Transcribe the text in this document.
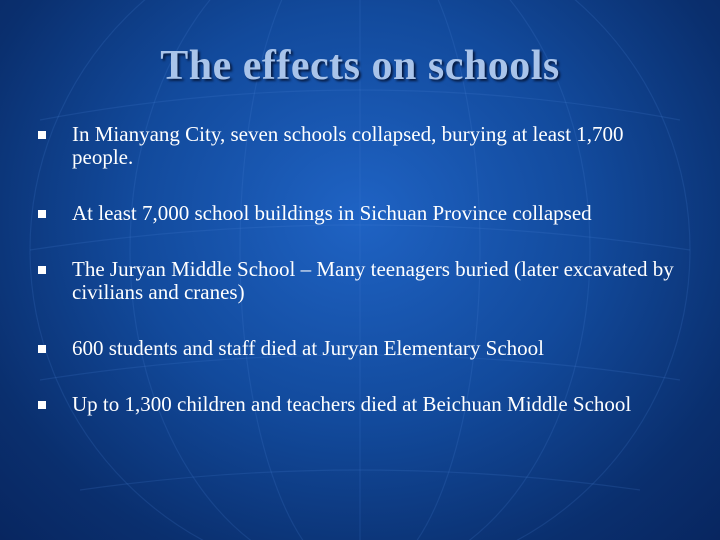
The effects on schools
In Mianyang City, seven schools collapsed, burying at least 1,700 people.
At least 7,000 school buildings in Sichuan Province collapsed
The Juryan Middle School – Many teenagers buried (later excavated by civilians and cranes)
600 students and staff died at Juryan Elementary School
Up to 1,300 children and teachers died at Beichuan Middle School
